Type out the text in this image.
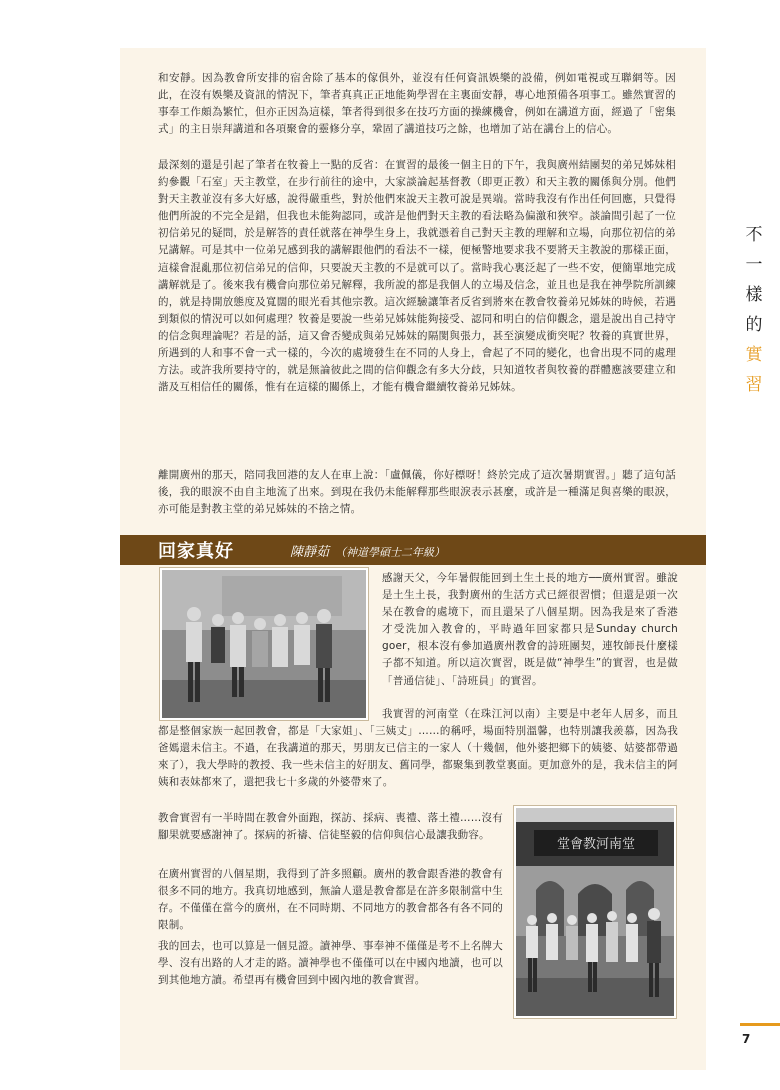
和安靜。因為教會所安排的宿舍除了基本的傢俱外，並沒有任何資訊娛樂的設備，例如電視或互聯網等。因此，在沒有娛樂及資訊的情況下，筆者真真正正地能夠學習在主裏面安靜，專心地預備各項事工。雖然實習的事奉工作頗為繁忙，但亦正因為這樣，筆者得到很多在技巧方面的操練機會，例如在講道方面，經過了「密集式」的主日崇拜講道和各項聚會的靈修分享，鞏固了講道技巧之餘，也增加了站在講台上的信心。

最深刻的還是引起了筆者在牧養上一點的反省：在實習的最後一個主日的下午，我與廣州結團契的弟兄姊妹相約參觀「石室」天主教堂，在步行前往的途中，大家談論起基督教（即更正教）和天主教的關係與分別。他們對天主教並沒有多大好感，說得嚴重些，對於他們來說天主教可說是異端。當時我沒有作出任何回應，只覺得他們所說的不完全是錯，但我也未能夠認同，或許是他們對天主教的看法略為偏激和狹窄。談論間引起了一位初信弟兄的疑問，於是解答的責任就落在神學生身上，我就憑着自己對天主教的理解和立場，向那位初信的弟兄講解。可是其中一位弟兄感到我的講解跟他們的看法不一樣，便極警地要求我不要將天主教說的那樣正面，這樣會混亂那位初信弟兄的信仰，只要說天主教的不是就可以了。當時我心裏泛起了一些不安，便簡單地完成講解就是了。後來我有機會向那位弟兄解釋，我所說的都是我個人的立場及信念，並且也是我在神學院所訓練的，就是持開放態度及寬闊的眼光看其他宗教。這次經驗讓筆者反省到將來在教會牧養弟兄姊妹的時候，若遇到類似的情況可以如何處理？牧養是要說一些弟兄姊妹能夠接受、認同和明白的信仰觀念，還是說出自己持守的信念與理論呢？若是的話，這又會否變成與弟兄姊妹的隔閡與張力，甚至演變成衝突呢？牧養的真實世界，所遇到的人和事不會一式一樣的，今次的處境發生在不同的人身上，會起了不同的變化，也會出現不同的處理方法。或許我所要持守的，就是無論彼此之間的信仰觀念有多大分歧，只知道牧者與牧養的群體應該要建立和諧及互相信任的關係，惟有在這樣的關係上，才能有機會繼續牧養弟兄姊妹。

離開廣州的那天，陪同我回港的友人在車上說：「盧佩儀，你好標呀！終於完成了這次暑期實習。」聽了這句話後，我的眼淚不由自主地流了出來。到現在我仍未能解釋那些眼淚表示甚麼，或許是一種滿足與喜樂的眼淚，亦可能是對教主堂的弟兄姊妹的不捨之情。

回家真好	陳靜茹 （神道學碩士二年級）

感謝天父，今年暑假能回到土生土長的地方──廣州實習。雖說是土生土長，我對廣州的生活方式已經很習慣；但還是頭一次呆在教會的處境下，而且還呆了八個星期。因為我是來了香港才受洗加入教會的，平時過年回家都只是Sunday church goer，根本沒有參加過廣州教會的詩班團契，連牧師長什麼樣子都不知道。所以這次實習，既是做“神學生”的實習，也是做「普通信徒」、「詩班員」的實習。

我實習的河南堂（在珠江河以南）主要是中老年人居多，而且都是整個家族一起回教會，都是「大家姐」、「三姨丈」……的稱呼，場面特別溫馨，也特別讓我羨慕，因為我爸媽還未信主。不過，在我講道的那天，男朋友已信主的一家人（十幾個，他外婆把鄉下的姨婆、姑婆都帶過來了），我大學時的教授、我一些未信主的好朋友、舊同學，都聚集到教堂裏面。更加意外的是，我未信主的阿姨和表妹都來了，還把我七十多歲的外婆帶來了。

教會實習有一半時間在教會外面跑，探訪、採病、喪禮、落土禮……沒有腳果就要感謝神了。探病的祈禱、信徒堅毅的信仰與信心最讓我動容。

在廣州實習的八個星期，我得到了許多照顧。廣州的教會跟香港的教會有很多不同的地方。我真切地感到，無論人還是教會都是在許多限制當中生存。不僅僅在當今的廣州，在不同時期、不同地方的教會都各有各不同的限制。

我的回去，也可以算是一個見證。讀神學、事奉神不僅僅是考不上名牌大學、沒有出路的人才走的路。讀神學也不僅僅可以在中國內地讀，也可以到其他地方讀。希望再有機會回到中國內地的教會實習。

堂會教河南堂
不
一
樣
的
實
習
7
